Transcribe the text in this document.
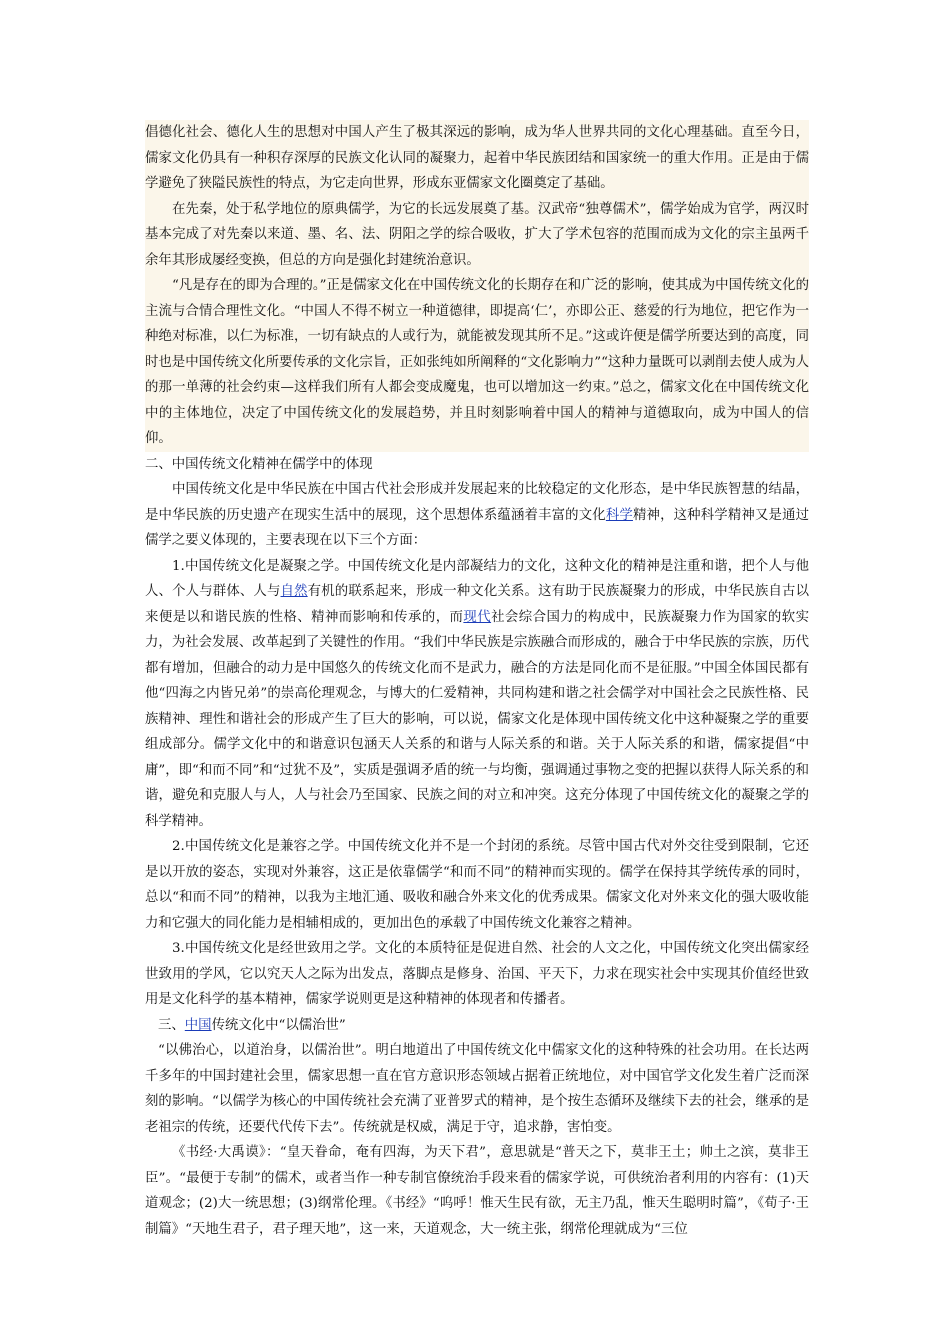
倡德化社会、德化人生的思想对中国人产生了极其深远的影响，成为华人世界共同的文化心理基础。直至今日，儒家文化仍具有一种积存深厚的民族文化认同的凝聚力，起着中华民族团结和国家统一的重大作用。正是由于儒学避免了狭隘民族性的特点，为它走向世界，形成东亚儒家文化圈奠定了基础。

在先秦，处于私学地位的原典儒学，为它的长远发展奠了基。汉武帝“独尊儒术”，儒学始成为官学，两汉时基本完成了对先秦以来道、墨、名、法、阴阳之学的综合吸收，扩大了学术包容的范围而成为文化的宗主虽两千余年其形成屡经变换，但总的方向是强化封建统治意识。

“凡是存在的即为合理的。”正是儒家文化在中国传统文化的长期存在和广泛的影响，使其成为中国传统文化的主流与合情合理性文化。“中国人不得不树立一种道德律，即提高‘仁’，亦即公正、慈爱的行为地位，把它作为一种绝对标准，以仁为标准，一切有缺点的人或行为，就能被发现其所不足。”这或许便是儒学所要达到的高度，同时也是中国传统文化所要传承的文化宗旨，正如张纯如所阐释的“文化影响力”“这种力量既可以剥削去使人成为人的那一单薄的社会约束—这样我们所有人都会变成魔鬼，也可以增加这一约束。”总之，儒家文化在中国传统文化中的主体地位，决定了中国传统文化的发展趋势，并且时刻影响着中国人的精神与道德取向，成为中国人的信仰。

二、中国传统文化精神在儒学中的体现

中国传统文化是中华民族在中国古代社会形成并发展起来的比较稳定的文化形态，是中华民族智慧的结晶，是中华民族的历史遗产在现实生活中的展现，这个思想体系蕴涵着丰富的文化科学精神，这种科学精神又是通过儒学之要义体现的，主要表现在以下三个方面：

1.中国传统文化是凝聚之学。中国传统文化是内部凝结力的文化，这种文化的精神是注重和谐，把个人与他人、个人与群体、人与自然有机的联系起来，形成一种文化关系。这有助于民族凝聚力的形成，中华民族自古以来便是以和谐民族的性格、精神而影响和传承的，而现代社会综合国力的构成中，民族凝聚力作为国家的软实力，为社会发展、改革起到了关键性的作用。“我们中华民族是宗族融合而形成的，融合于中华民族的宗族，历代都有增加，但融合的动力是中国悠久的传统文化而不是武力，融合的方法是同化而不是征服。”中国全体国民都有他“四海之内皆兄弟”的崇高伦理观念，与博大的仁爱精神，共同构建和谐之社会儒学对中国社会之民族性格、民族精神、理性和谐社会的形成产生了巨大的影响，可以说，儒家文化是体现中国传统文化中这种凝聚之学的重要组成部分。儒学文化中的和谐意识包涵天人关系的和谐与人际关系的和谐。关于人际关系的和谐，儒家提倡“中庸”，即“和而不同”和“过犹不及”，实质是强调矛盾的统一与均衡，强调通过事物之变的把握以获得人际关系的和谐，避免和克服人与人，人与社会乃至国家、民族之间的对立和冲突。这充分体现了中国传统文化的凝聚之学的科学精神。

2.中国传统文化是兼容之学。中国传统文化并不是一个封闭的系统。尽管中国古代对外交往受到限制，它还是以开放的姿态，实现对外兼容，这正是依靠儒学“和而不同”的精神而实现的。儒学在保持其学统传承的同时，总以“和而不同”的精神，以我为主地汇通、吸收和融合外来文化的优秀成果。儒家文化对外来文化的强大吸收能力和它强大的同化能力是相辅相成的，更加出色的承载了中国传统文化兼容之精神。

3.中国传统文化是经世致用之学。文化的本质特征是促进自然、社会的人文之化，中国传统文化突出儒家经世致用的学风，它以究天人之际为出发点，落脚点是修身、治国、平天下，力求在现实社会中实现其价值经世致用是文化科学的基本精神，儒家学说则更是这种精神的体现者和传播者。

三、中国传统文化中“以儒治世”

“以佛治心，以道治身，以儒治世”。明白地道出了中国传统文化中儒家文化的这种特殊的社会功用。在长达两千多年的中国封建社会里，儒家思想一直在官方意识形态领域占据着正统地位，对中国官学文化发生着广泛而深刻的影响。“以儒学为核心的中国传统社会充满了亚普罗式的精神，是个按生态循环及继续下去的社会，继承的是老祖宗的传统，还要代代传下去”。传统就是权威，满足于守，追求静，害怕变。

《书经·大禹谟》：“皇天眷命，奄有四海，为天下君”，意思就是“普天之下，莫非王土；帅土之滨，莫非王臣”。“最便于专制”的儒术，或者当作一种专制官僚统治手段来看的儒家学说，可供统治者利用的内容有：(1)天道观念；(2)大一统思想；(3)纲常伦理。《书经》“呜呼！惟天生民有欲，无主乃乱，惟天生聪明时篇”，《荀子·王制篇》“天地生君子，君子理天地”，这一来，天道观念，大一统主张，纲常伦理就成为“三位
